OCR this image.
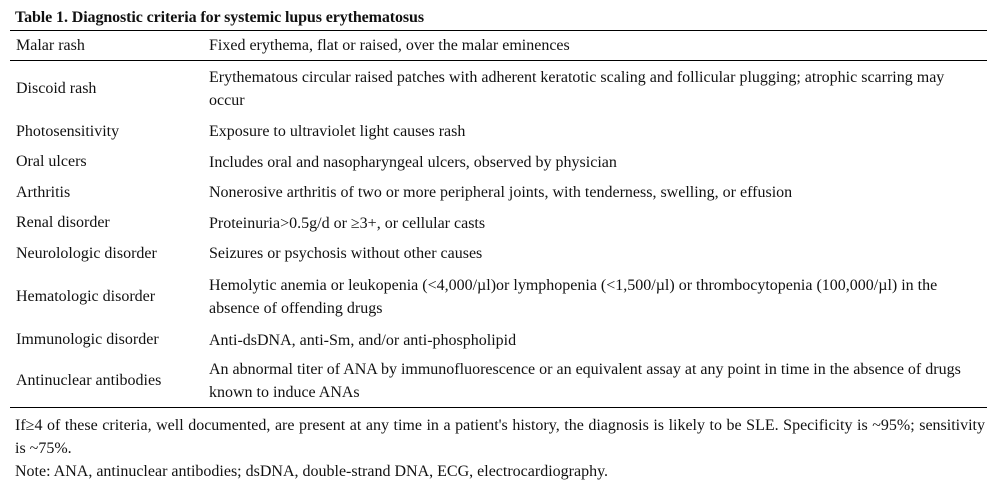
Table 1. Diagnostic criteria for systemic lupus erythematosus
Malar rash	Fixed erythema, flat or raised, over the malar eminences
Discoid rash	Erythematous circular raised patches with adherent keratotic scaling and follicular plugging; atrophic scarring may occur
Photosensitivity	Exposure to ultraviolet light causes rash
Oral ulcers	Includes oral and nasopharyngeal ulcers, observed by physician
Arthritis	Nonerosive arthritis of two or more peripheral joints, with tenderness, swelling, or effusion
Renal disorder	Proteinuria>0.5g/d or ≥3+, or cellular casts
Neurolologic disorder	Seizures or psychosis without other causes
Hematologic disorder	Hemolytic anemia or leukopenia (<4,000/µl)or lymphopenia (<1,500/µl) or thrombocytopenia (100,000/µl) in the absence of offending drugs
Immunologic disorder	Anti-dsDNA, anti-Sm, and/or anti-phospholipid
Antinuclear antibodies	An abnormal titer of ANA by immunofluorescence or an equivalent assay at any point in time in the absence of drugs known to induce ANAs

If≥4 of these criteria, well documented, are present at any time in a patient's history, the diagnosis is likely to be SLE. Specificity is ~95%; sensitivity is ~75%.

Note: ANA, antinuclear antibodies; dsDNA, double-strand DNA, ECG, electrocardiography.
